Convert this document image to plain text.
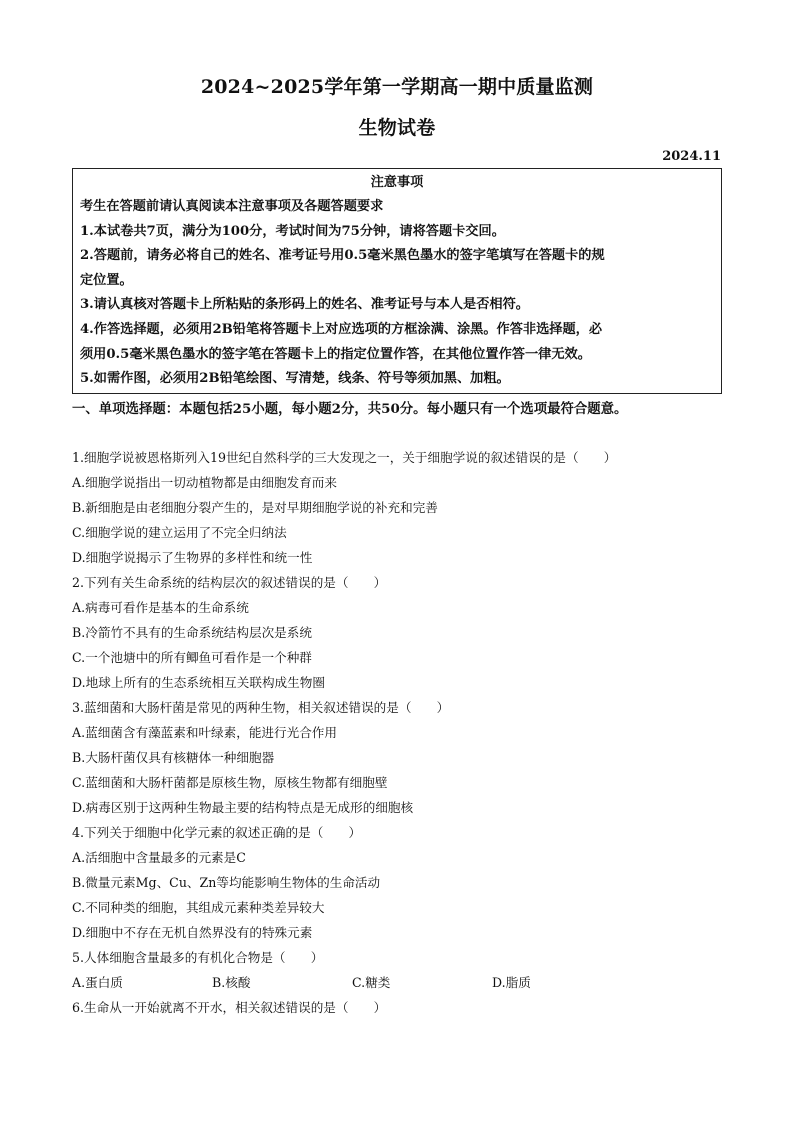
2024~2025学年第一学期高一期中质量监测
生物试卷
2024.11
注意事项
考生在答题前请认真阅读本注意事项及各题答题要求
1.本试卷共7页，满分为100分，考试时间为75分钟，请将答题卡交回。
2.答题前，请务必将自己的姓名、准考证号用0.5毫米黑色墨水的签字笔填写在答题卡的规
定位置。
3.请认真核对答题卡上所粘贴的条形码上的姓名、准考证号与本人是否相符。
4.作答选择题，必须用2B铅笔将答题卡上对应选项的方框涂满、涂黑。作答非选择题，必
须用0.5毫米黑色墨水的签字笔在答题卡上的指定位置作答，在其他位置作答一律无效。
5.如需作图，必须用2B铅笔绘图、写清楚，线条、符号等须加黑、加粗。
一、单项选择题：本题包括25小题，每小题2分，共50分。每小题只有一个选项最符合题意。
1.细胞学说被恩格斯列入19世纪自然科学的三大发现之一，关于细胞学说的叙述错误的是（　　）
A.细胞学说指出一切动植物都是由细胞发育而来
B.新细胞是由老细胞分裂产生的，是对早期细胞学说的补充和完善
C.细胞学说的建立运用了不完全归纳法
D.细胞学说揭示了生物界的多样性和统一性
2.下列有关生命系统的结构层次的叙述错误的是（　　）
A.病毒可看作是基本的生命系统
B.冷箭竹不具有的生命系统结构层次是系统
C.一个池塘中的所有鲫鱼可看作是一个种群
D.地球上所有的生态系统相互关联构成生物圈
3.蓝细菌和大肠杆菌是常见的两种生物，相关叙述错误的是（　　）
A.蓝细菌含有藻蓝素和叶绿素，能进行光合作用
B.大肠杆菌仅具有核糖体一种细胞器
C.蓝细菌和大肠杆菌都是原核生物，原核生物都有细胞壁
D.病毒区别于这两种生物最主要的结构特点是无成形的细胞核
4.下列关于细胞中化学元素的叙述正确的是（　　）
A.活细胞中含量最多的元素是C
B.微量元素Mg、Cu、Zn等均能影响生物体的生命活动
C.不同种类的细胞，其组成元素种类差异较大
D.细胞中不存在无机自然界没有的特殊元素
5.人体细胞含量最多的有机化合物是（　　）
A.蛋白质	B.核酸	C.糖类	D.脂质
6.生命从一开始就离不开水，相关叙述错误的是（　　）
